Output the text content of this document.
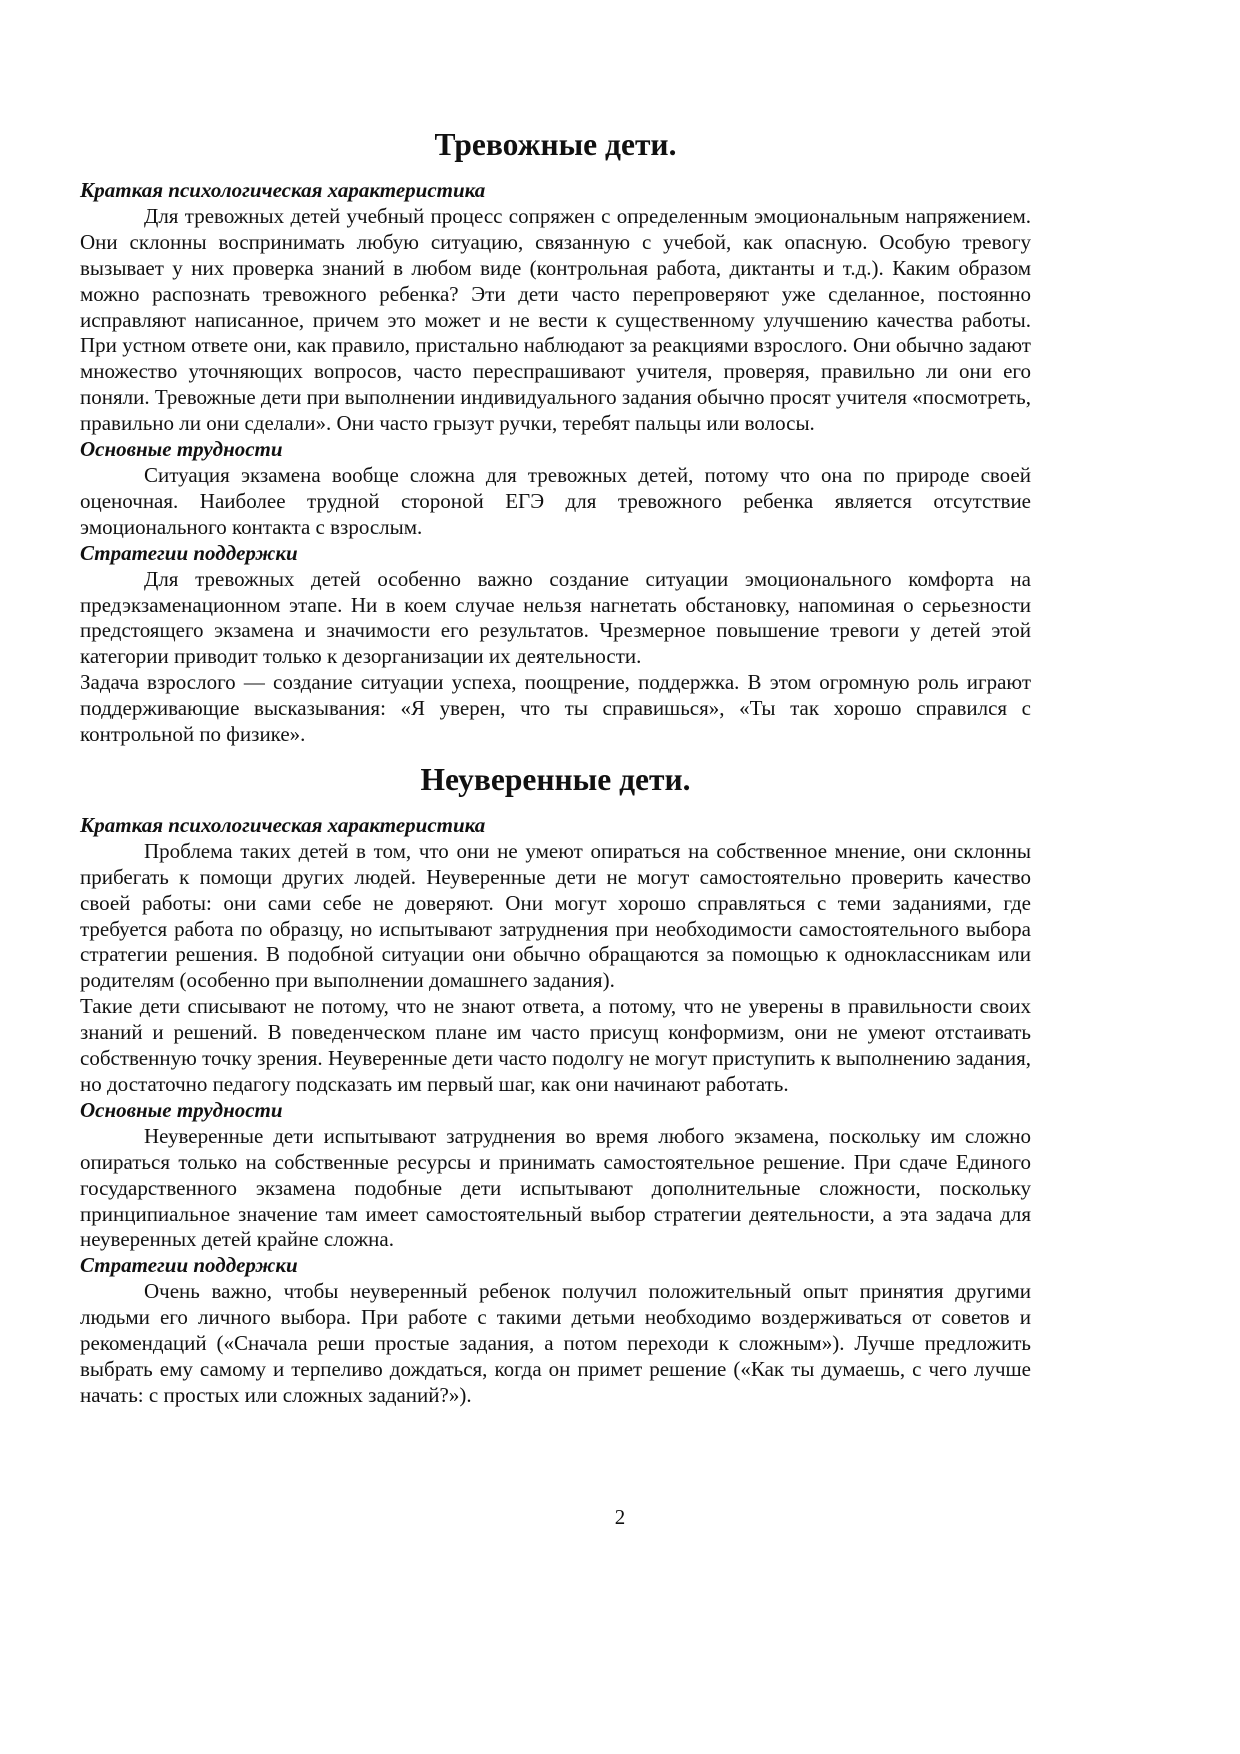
Тревожные дети.
Краткая психологическая характеристика

Для тревожных детей учебный процесс сопряжен с определенным эмоциональным напряжением. Они склонны воспринимать любую ситуацию, связанную с учебой, как опасную. Особую тревогу вызывает у них проверка знаний в любом виде (контрольная работа, диктанты и т.д.). Каким образом можно распознать тревожного ребенка? Эти дети часто перепроверяют уже сделанное, постоянно исправляют написанное, причем это может и не вести к существенному улучшению качества работы. При устном ответе они, как правило, пристально наблюдают за реакциями взрослого. Они обычно задают множество уточняющих вопросов, часто переспрашивают учителя, проверяя, правильно ли они его поняли. Тревожные дети при выполнении индивидуального задания обычно просят учителя «посмотреть, правильно ли они сделали». Они часто грызут ручки, теребят пальцы или волосы.

Основные трудности

Ситуация экзамена вообще сложна для тревожных детей, потому что она по природе своей оценочная. Наиболее трудной стороной ЕГЭ для тревожного ребенка является отсутствие эмоционального контакта с взрослым.

Стратегии поддержки

Для тревожных детей особенно важно создание ситуации эмоционального комфорта на предэкзаменационном этапе. Ни в коем случае нельзя нагнетать обстановку, напоминая о серьезности предстоящего экзамена и значимости его результатов. Чрезмерное повышение тревоги у детей этой категории приводит только к дезорганизации их деятельности.

Задача взрослого — создание ситуации успеха, поощрение, поддержка. В этом огромную роль играют поддерживающие высказывания: «Я уверен, что ты справишься», «Ты так хорошо справился с контрольной по физике».

Неуверенные дети.
Краткая психологическая характеристика

Проблема таких детей в том, что они не умеют опираться на собственное мнение, они склонны прибегать к помощи других людей. Неуверенные дети не могут самостоятельно проверить качество своей работы: они сами себе не доверяют. Они могут хорошо справляться с теми заданиями, где требуется работа по образцу, но испытывают затруднения при необходимости самостоятельного выбора стратегии решения. В подобной ситуации они обычно обращаются за помощью к одноклассникам или родителям (особенно при выполнении домашнего задания).

Такие дети списывают не потому, что не знают ответа, а потому, что не уверены в правильности своих знаний и решений. В поведенческом плане им часто присущ конформизм, они не умеют отстаивать собственную точку зрения. Неуверенные дети часто подолгу не могут приступить к выполнению задания, но достаточно педагогу подсказать им первый шаг, как они начинают работать.

Основные трудности

Неуверенные дети испытывают затруднения во время любого экзамена, поскольку им сложно опираться только на собственные ресурсы и принимать самостоятельное решение. При сдаче Единого государственного экзамена подобные дети испытывают дополнительные сложности, поскольку принципиальное значение там имеет самостоятельный выбор стратегии деятельности, а эта задача для неуверенных детей крайне сложна.

Стратегии поддержки

Очень важно, чтобы неуверенный ребенок получил положительный опыт принятия другими людьми его личного выбора. При работе с такими детьми необходимо воздерживаться от советов и рекомендаций («Сначала реши простые задания, а потом переходи к сложным»). Лучше предложить выбрать ему самому и терпеливо дождаться, когда он примет решение («Как ты думаешь, с чего лучше начать: с простых или сложных заданий?»).

2
